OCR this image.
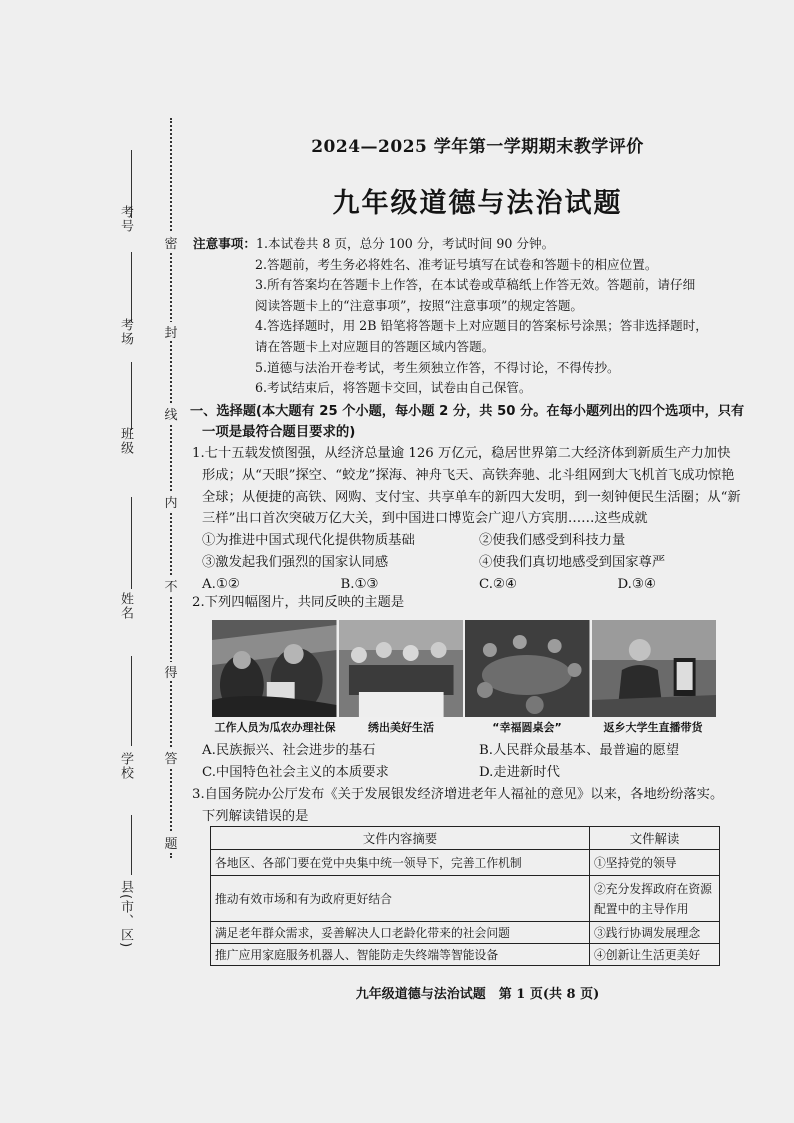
考号
考场
班级
姓名
学校
县(市、区)
密
封
线
内
不
得
答
题
2024—2025 学年第一学期期末教学评价
九年级道德与法治试题
注意事项：1.本试卷共 8 页，总分 100 分，考试时间 90 分钟。
2.答题前，考生务必将姓名、准考证号填写在试卷和答题卡的相应位置。
3.所有答案均在答题卡上作答，在本试卷或草稿纸上作答无效。答题前，请仔细
阅读答题卡上的“注意事项”，按照“注意事项”的规定答题。
4.答选择题时，用 2B 铅笔将答题卡上对应题目的答案标号涂黑；答非选择题时，
请在答题卡上对应题目的答题区域内答题。
5.道德与法治开卷考试，考生须独立作答，不得讨论，不得传抄。
6.考试结束后，将答题卡交回，试卷由自己保管。
一、选择题(本大题有 25 个小题，每小题 2 分，共 50 分。在每小题列出的四个选项中，只有
一项是最符合题目要求的)
1.七十五载发愤图强，从经济总量逾 126 万亿元，稳居世界第二大经济体到新质生产力加快
形成；从“天眼”探空、“蛟龙”探海、神舟飞天、高铁奔驰、北斗组网到大飞机首飞成功惊艳
全球；从便捷的高铁、网购、支付宝、共享单车的新四大发明，到一刻钟便民生活圈；从“新
三样”出口首次突破万亿大关，到中国进口博览会广迎八方宾朋……这些成就
①为推进中国式现代化提供物质基础	②使我们感受到科技力量
③激发起我们强烈的国家认同感	④使我们真切地感受到国家尊严
A.①②	B.①③	C.②④	D.③④
2.下列四幅图片，共同反映的主题是
工作人员为瓜农办理社保	绣出美好生活	“幸福圆桌会”	返乡大学生直播带货
A.民族振兴、社会进步的基石	B.人民群众最基本、最普遍的愿望
C.中国特色社会主义的本质要求	D.走进新时代
3.自国务院办公厅发布《关于发展银发经济增进老年人福祉的意见》以来，各地纷纷落实。
下列解读错误的是
文件内容摘要	文件解读
各地区、各部门要在党中央集中统一领导下，完善工作机制	①坚持党的领导
推动有效市场和有为政府更好结合	②充分发挥政府在资源配置中的主导作用
满足老年群众需求，妥善解决人口老龄化带来的社会问题	③践行协调发展理念
推广应用家庭服务机器人、智能防走失终端等智能设备	④创新让生活更美好
九年级道德与法治试题　第 1 页(共 8 页)
